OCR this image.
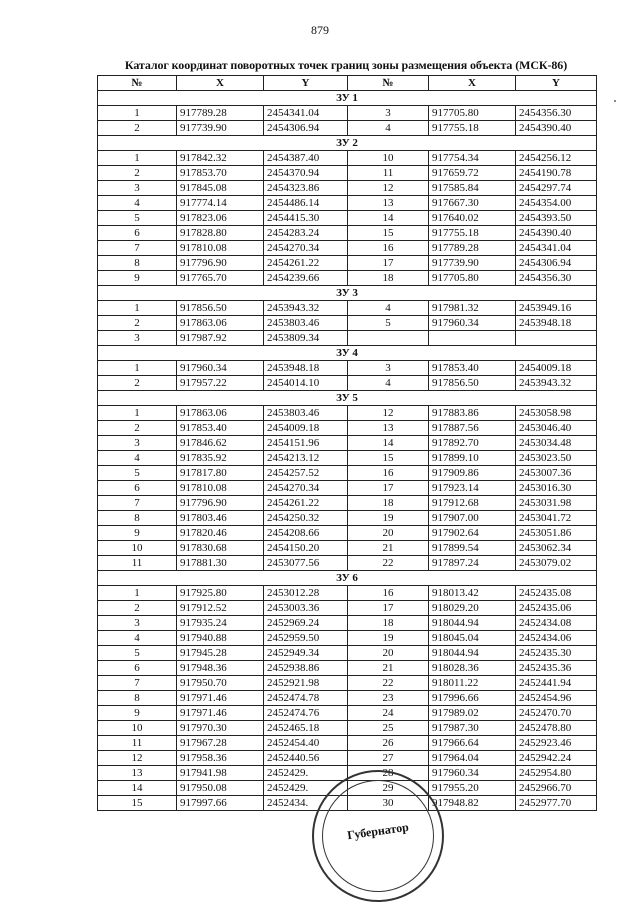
879
Каталог координат поворотных точек границ зоны размещения объекта (МСК-86)
№	X	Y	№	X	Y
ЗУ 1					
1	917789.28	2454341.04	3	917705.80	2454356.30
2	917739.90	2454306.94	4	917755.18	2454390.40
ЗУ 2					
1	917842.32	2454387.40	10	917754.34	2454256.12
2	917853.70	2454370.94	11	917659.72	2454190.78
3	917845.08	2454323.86	12	917585.84	2454297.74
4	917774.14	2454486.14	13	917667.30	2454354.00
5	917823.06	2454415.30	14	917640.02	2454393.50
6	917828.80	2454283.24	15	917755.18	2454390.40
7	917810.08	2454270.34	16	917789.28	2454341.04
8	917796.90	2454261.22	17	917739.90	2454306.94
9	917765.70	2454239.66	18	917705.80	2454356.30
ЗУ 3					
1	917856.50	2453943.32	4	917981.32	2453949.16
2	917863.06	2453803.46	5	917960.34	2453948.18
3	917987.92	2453809.34			
ЗУ 4					
1	917960.34	2453948.18	3	917853.40	2454009.18
2	917957.22	2454014.10	4	917856.50	2453943.32
ЗУ 5					
1	917863.06	2453803.46	12	917883.86	2453058.98
2	917853.40	2454009.18	13	917887.56	2453046.40
3	917846.62	2454151.96	14	917892.70	2453034.48
4	917835.92	2454213.12	15	917899.10	2453023.50
5	917817.80	2454257.52	16	917909.86	2453007.36
6	917810.08	2454270.34	17	917923.14	2453016.30
7	917796.90	2454261.22	18	917912.68	2453031.98
8	917803.46	2454250.32	19	917907.00	2453041.72
9	917820.46	2454208.66	20	917902.64	2453051.86
10	917830.68	2454150.20	21	917899.54	2453062.34
11	917881.30	2453077.56	22	917897.24	2453079.02
ЗУ 6					
1	917925.80	2453012.28	16	918013.42	2452435.08
2	917912.52	2453003.36	17	918029.20	2452435.06
3	917935.24	2452969.24	18	918044.94	2452434.08
4	917940.88	2452959.50	19	918045.04	2452434.06
5	917945.28	2452949.34	20	918044.94	2452435.30
6	917948.36	2452938.86	21	918028.36	2452435.36
7	917950.70	2452921.98	22	918011.22	2452441.94
8	917971.46	2452474.78	23	917996.66	2452454.96
9	917971.46	2452474.76	24	917989.02	2452470.70
10	917970.30	2452465.18	25	917987.30	2452478.80
11	917967.28	2452454.40	26	917966.64	2452923.46
12	917958.36	2452440.56	27	917964.04	2452942.24
13	917941.98	2452429.	28	917960.34	2452954.80
14	917950.08	2452429.	29	917955.20	2452966.70
15	917997.66	2452434.	30	917948.82	2452977.70
Губернатор
